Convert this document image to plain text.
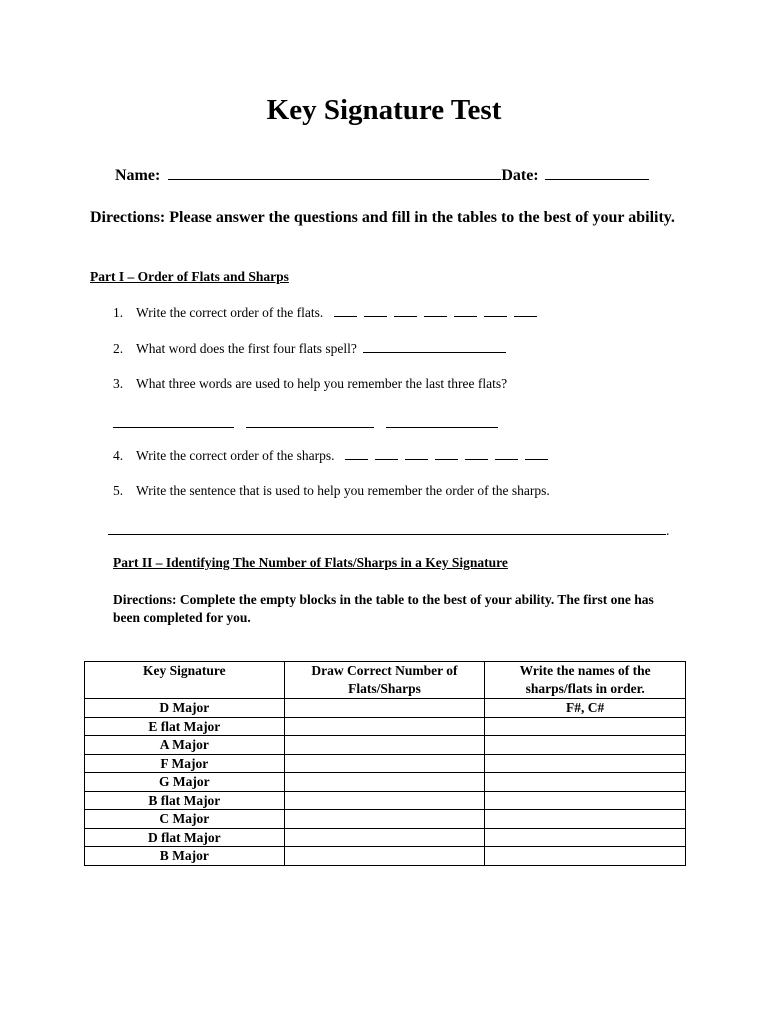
Key Signature Test
Name:	Date:
Directions: Please answer the questions and fill in the tables to the best of your ability.
Part I – Order of Flats and Sharps
1. Write the correct order of the flats.
2. What word does the first four flats spell?
3. What three words are used to help you remember the last three flats?

4. Write the correct order of the sharps.
5. Write the sentence that is used to help you remember the order of the sharps.
.
Part II – Identifying The Number of Flats/Sharps in a Key Signature
Directions: Complete the empty blocks in the table to the best of your ability. The first one has been completed for you.
Key Signature	Draw Correct Number of Flats/Sharps	Write the names of the sharps/flats in order.
D Major		F#, C#
E flat Major		
A Major		
F Major		
G Major		
B flat Major		
C Major		
D flat Major		
B Major		
